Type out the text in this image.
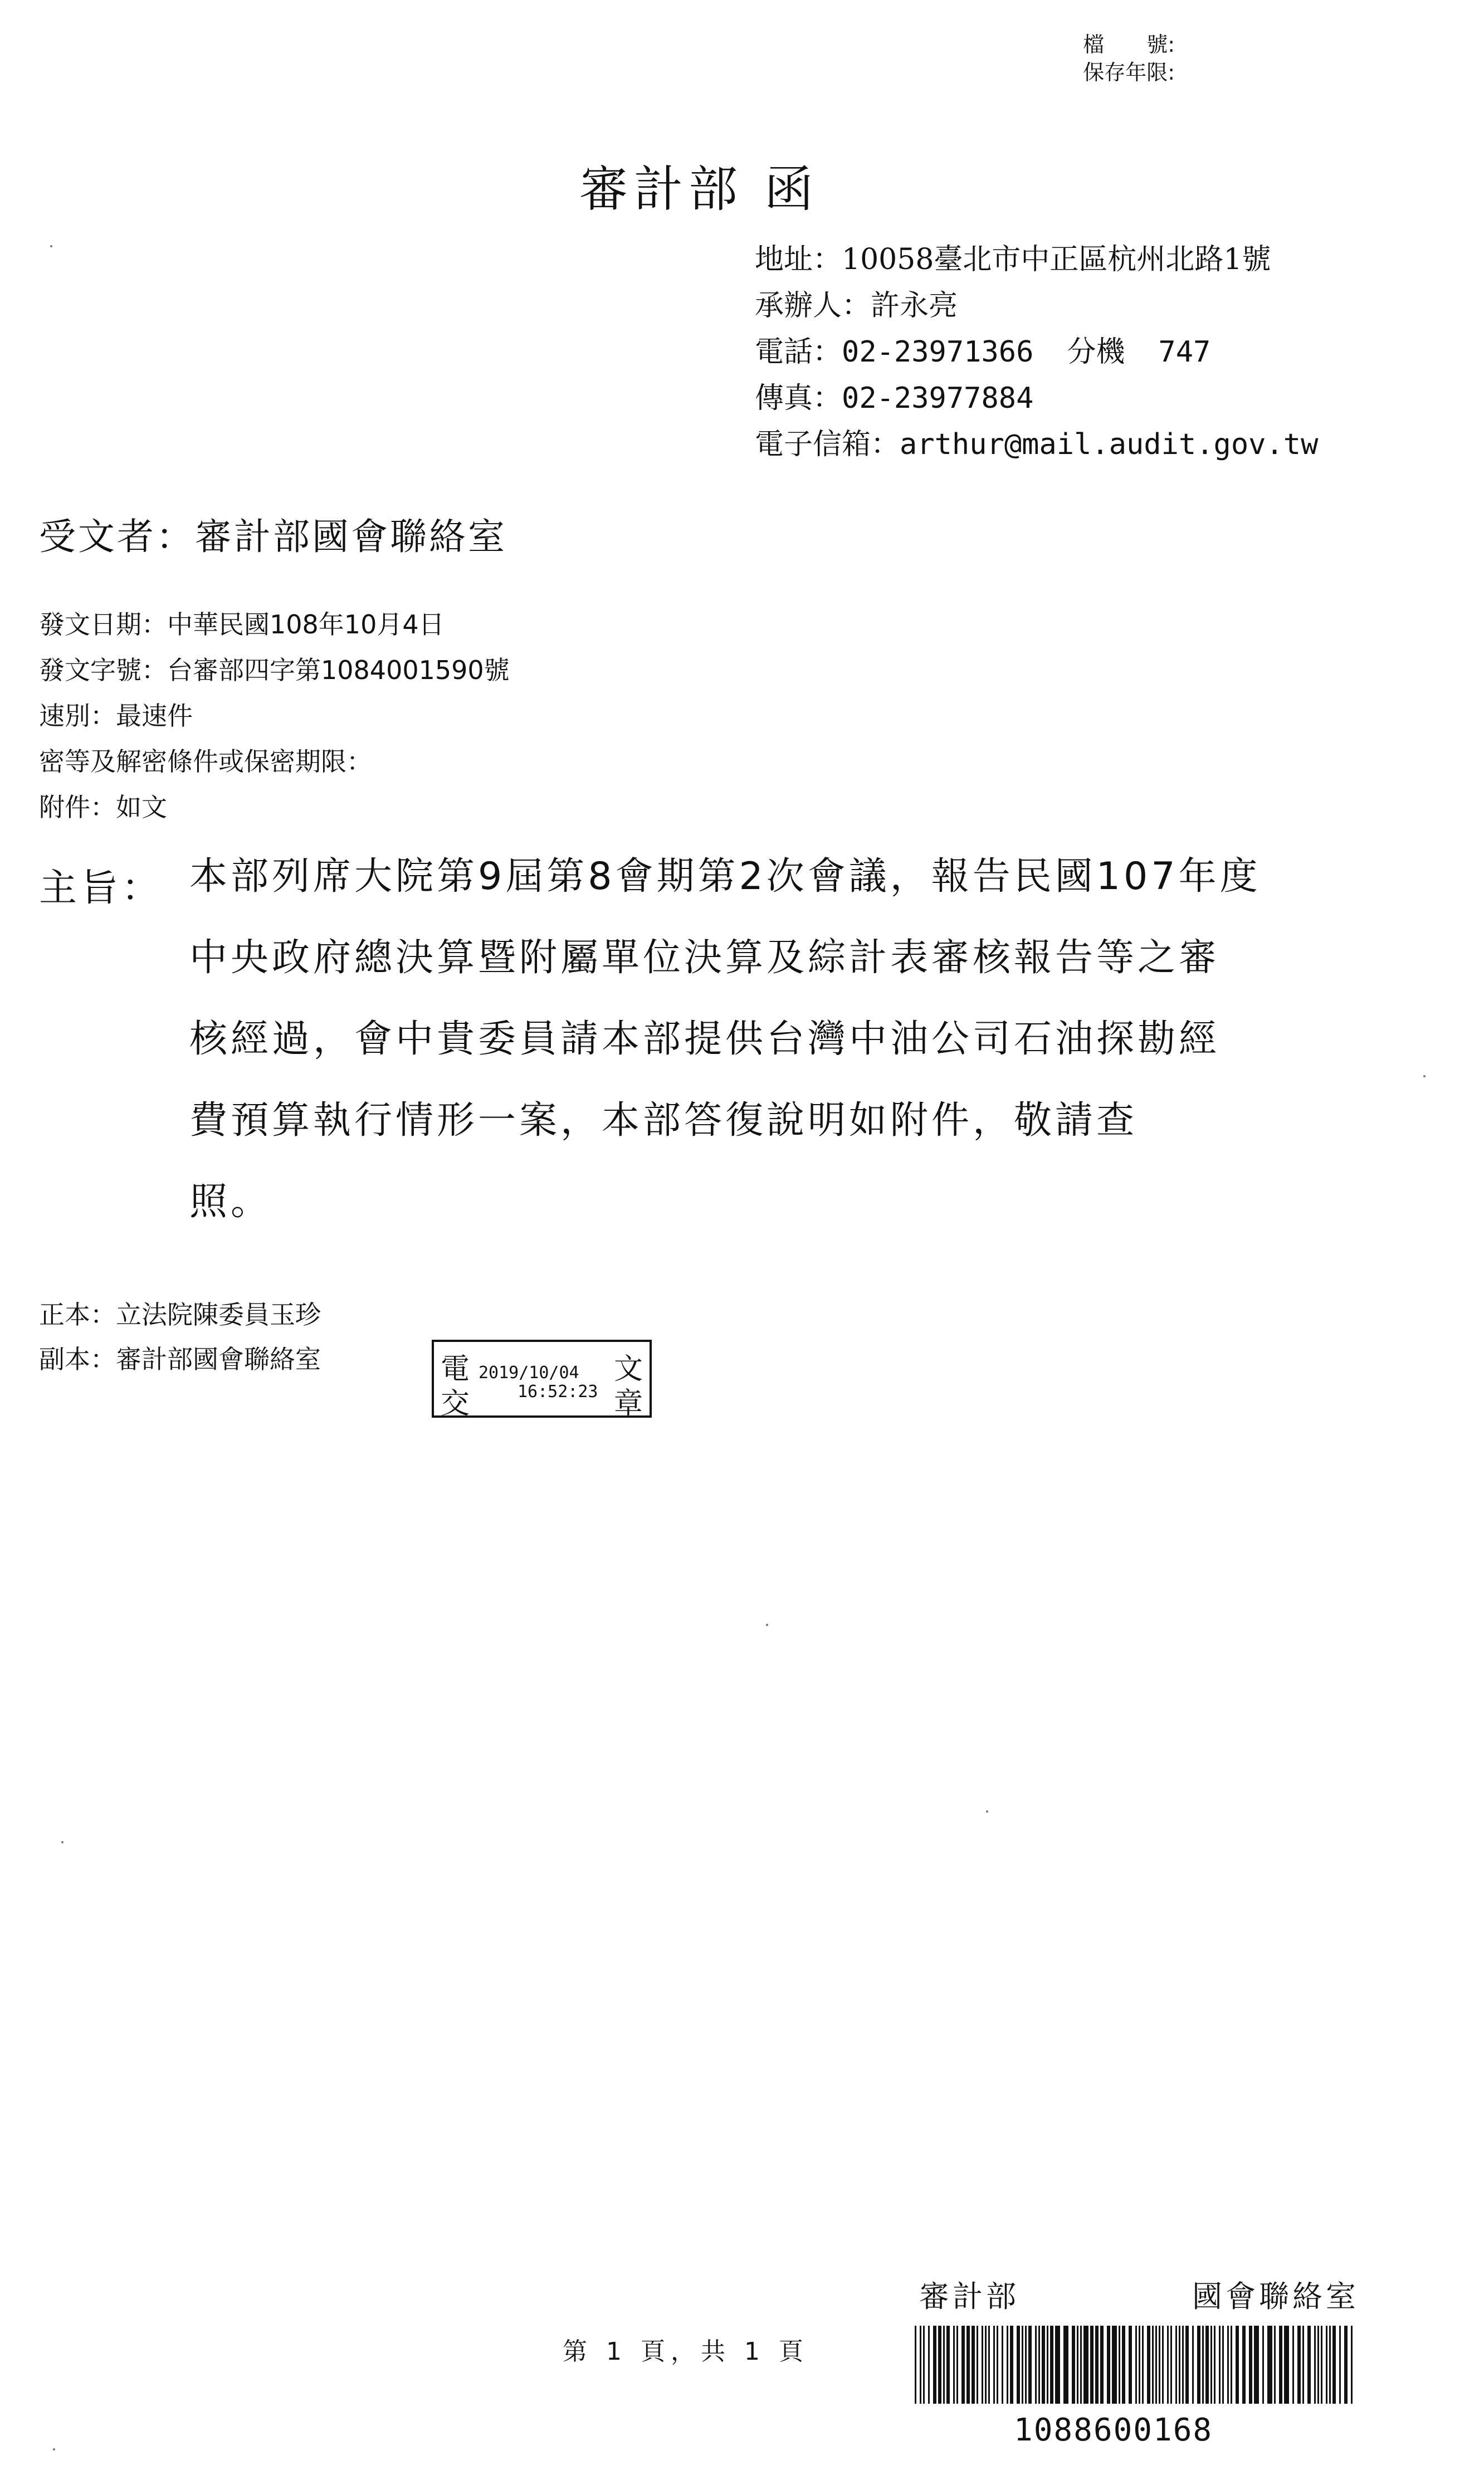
檔　　號:
保存年限:
審計部 函
地址：10058臺北市中正區杭州北路1號
承辦人：許永亮
電話：02-23971366 分機 747
傳真：02-23977884
電子信箱：arthur@mail.audit.gov.tw
受文者：審計部國會聯絡室
發文日期：中華民國108年10月4日
發文字號：台審部四字第1084001590號
速別：最速件
密等及解密條件或保密期限：
附件：如文
主旨： 本部列席大院第9屆第8會期第2次會議，報告民國107年度
中央政府總決算暨附屬單位決算及綜計表審核報告等之審
核經過，會中貴委員請本部提供台灣中油公司石油探勘經
費預算執行情形一案，本部答復說明如附件，敬請查
照。
正本：立法院陳委員玉珍
副本：審計部國會聯絡室	電	文
交	章
2019/10/04
16:52:23
審計部	國會聯絡室
第 1 頁，共 1 頁
1088600168
